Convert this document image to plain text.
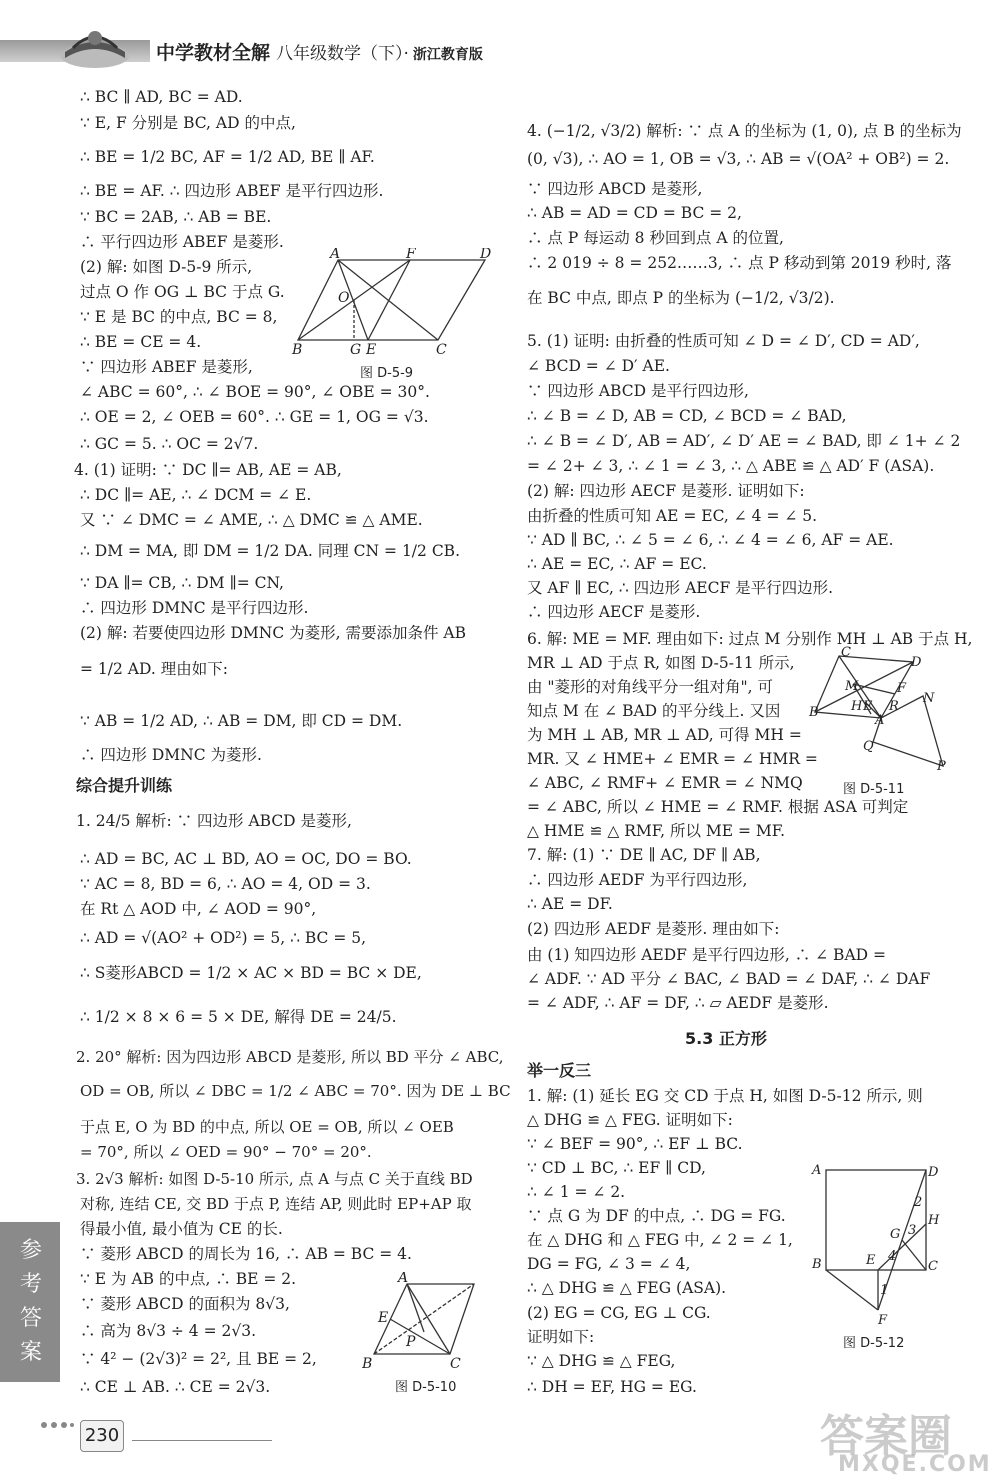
中学教材全解 八年级数学（下）· 浙江教育版
∴ BC ∥ AD, BC = AD.
∵ E, F 分别是 BC, AD 的中点,
∴ BE = 1/2 BC, AF = 1/2 AD, BE ∥ AF.
∴ BE = AF. ∴ 四边形 ABEF 是平行四边形.
∵ BC = 2AB, ∴ AB = BE.
∴ 平行四边形 ABEF 是菱形.
(2) 解: 如图 D-5-9 所示,
过点 O 作 OG ⊥ BC 于点 G.
∵ E 是 BC 的中点, BC = 8,
∴ BE = CE = 4.
∵ 四边形 ABEF 是菱形,
∠ ABC = 60°, ∴ ∠ BOE = 90°, ∠ OBE = 30°.
∴ OE = 2, ∠ OEB = 60°. ∴ GE = 1, OG = √3.
∴ GC = 5. ∴ OC = 2√7.
4. (1) 证明: ∵ DC ∥= AB, AE = AB,
∴ DC ∥= AE, ∴ ∠ DCM = ∠ E.
又 ∵ ∠ DMC = ∠ AME, ∴ △ DMC ≌ △ AME.
∴ DM = MA, 即 DM = 1/2 DA. 同理 CN = 1/2 CB.
∵ DA ∥= CB, ∴ DM ∥= CN,
∴ 四边形 DMNC 是平行四边形.
(2) 解: 若要使四边形 DMNC 为菱形, 需要添加条件 AB
= 1/2 AD. 理由如下:
∵ AB = 1/2 AD, ∴ AB = DM, 即 CD = DM.
∴ 四边形 DMNC 为菱形.
综合提升训练
1. 24/5 解析: ∵ 四边形 ABCD 是菱形,
∴ AD = BC, AC ⊥ BD, AO = OC, DO = BO.
∵ AC = 8, BD = 6, ∴ AO = 4, OD = 3.
在 Rt △ AOD 中, ∠ AOD = 90°,
∴ AD = √(AO² + OD²) = 5, ∴ BC = 5,
∴ S菱形ABCD = 1/2 × AC × BD = BC × DE,
∴ 1/2 × 8 × 6 = 5 × DE, 解得 DE = 24/5.
2. 20° 解析: 因为四边形 ABCD 是菱形, 所以 BD 平分 ∠ ABC,
OD = OB, 所以 ∠ DBC = 1/2 ∠ ABC = 70°. 因为 DE ⊥ BC
于点 E, O 为 BD 的中点, 所以 OE = OB, 所以 ∠ OEB
= 70°, 所以 ∠ OED = 90° − 70° = 20°.
3. 2√3 解析: 如图 D-5-10 所示, 点 A 与点 C 关于直线 BD
对称, 连结 CE, 交 BD 于点 P, 连结 AP, 则此时 EP+AP 取
得最小值, 最小值为 CE 的长.
∵ 菱形 ABCD 的周长为 16, ∴ AB = BC = 4.
∵ E 为 AB 的中点, ∴ BE = 2.
∵ 菱形 ABCD 的面积为 8√3,
∴ 高为 8√3 ÷ 4 = 2√3.
∵ 4² − (2√3)² = 2², 且 BE = 2,
∴ CE ⊥ AB. ∴ CE = 2√3.
A	F	D
O
B	G E	C
图 D-5-9
A
E
P
B	C
图 D-5-10
4. (−1/2, √3/2) 解析: ∵ 点 A 的坐标为 (1, 0), 点 B 的坐标为
(0, √3), ∴ AO = 1, OB = √3, ∴ AB = √(OA² + OB²) = 2.
∵ 四边形 ABCD 是菱形,
∴ AB = AD = CD = BC = 2,
∴ 点 P 每运动 8 秒回到点 A 的位置,
∴ 2 019 ÷ 8 = 252……3, ∴ 点 P 移动到第 2019 秒时, 落
在 BC 中点, 即点 P 的坐标为 (−1/2, √3/2).
5. (1) 证明: 由折叠的性质可知 ∠ D = ∠ D′, CD = AD′,
∠ BCD = ∠ D′ AE.
∵ 四边形 ABCD 是平行四边形,
∴ ∠ B = ∠ D, AB = CD, ∠ BCD = ∠ BAD,
∴ ∠ B = ∠ D′, AB = AD′, ∠ D′ AE = ∠ BAD, 即 ∠ 1+ ∠ 2
= ∠ 2+ ∠ 3, ∴ ∠ 1 = ∠ 3, ∴ △ ABE ≌ △ AD′ F (ASA).
(2) 解: 四边形 AECF 是菱形. 证明如下:
由折叠的性质可知 AE = EC, ∠ 4 = ∠ 5.
∵ AD ∥ BC, ∴ ∠ 5 = ∠ 6, ∴ ∠ 4 = ∠ 6, AF = AE.
∴ AE = EC, ∴ AF = EC.
又 AF ∥ EC, ∴ 四边形 AECF 是平行四边形.
∴ 四边形 AECF 是菱形.
6. 解: ME = MF. 理由如下: 过点 M 分别作 MH ⊥ AB 于点 H,
MR ⊥ AD 于点 R, 如图 D-5-11 所示,
由 "菱形的对角线平分一组对角", 可
知点 M 在 ∠ BAD 的平分线上. 又因
为 MH ⊥ AB, MR ⊥ AD, 可得 MH =
MR. 又 ∠ HME+ ∠ EMR = ∠ HMR =
∠ ABC, ∠ RMF+ ∠ EMR = ∠ NMQ
= ∠ ABC, 所以 ∠ HME = ∠ RMF. 根据 ASA 可判定
△ HME ≌ △ RMF, 所以 ME = MF.
7. 解: (1) ∵ DE ∥ AC, DF ∥ AB,
∴ 四边形 AEDF 为平行四边形,
∴ AE = DF.
(2) 四边形 AEDF 是菱形. 理由如下:
由 (1) 知四边形 AEDF 是平行四边形, ∴ ∠ BAD =
∠ ADF. ∵ AD 平分 ∠ BAC, ∠ BAD = ∠ DAF, ∴ ∠ DAF
= ∠ ADF, ∴ AF = DF, ∴ ▱ AEDF 是菱形.
5.3 正方形
举一反三
1. 解: (1) 延长 EG 交 CD 于点 H, 如图 D-5-12 所示, 则
△ DHG ≌ △ FEG. 证明如下:
∵ ∠ BEF = 90°, ∴ EF ⊥ BC.
∵ CD ⊥ BC, ∴ EF ∥ CD,
∴ ∠ 1 = ∠ 2.
∵ 点 G 为 DF 的中点, ∴ DG = FG.
在 △ DHG 和 △ FEG 中, ∠ 2 = ∠ 1,
DG = FG, ∠ 3 = ∠ 4,
∴ △ DHG ≌ △ FEG (ASA).
(2) EG = CG, EG ⊥ CG.
证明如下:
∵ △ DHG ≌ △ FEG,
∴ DH = EF, HG = EG.
C
D
M	F
N
B H E R
A
Q
P
图 D-5-11
A	D
2
G 3
H
E 4
B	C
1
F
图 D-5-12
参考答案
230	答案圈
MXQE.COM
